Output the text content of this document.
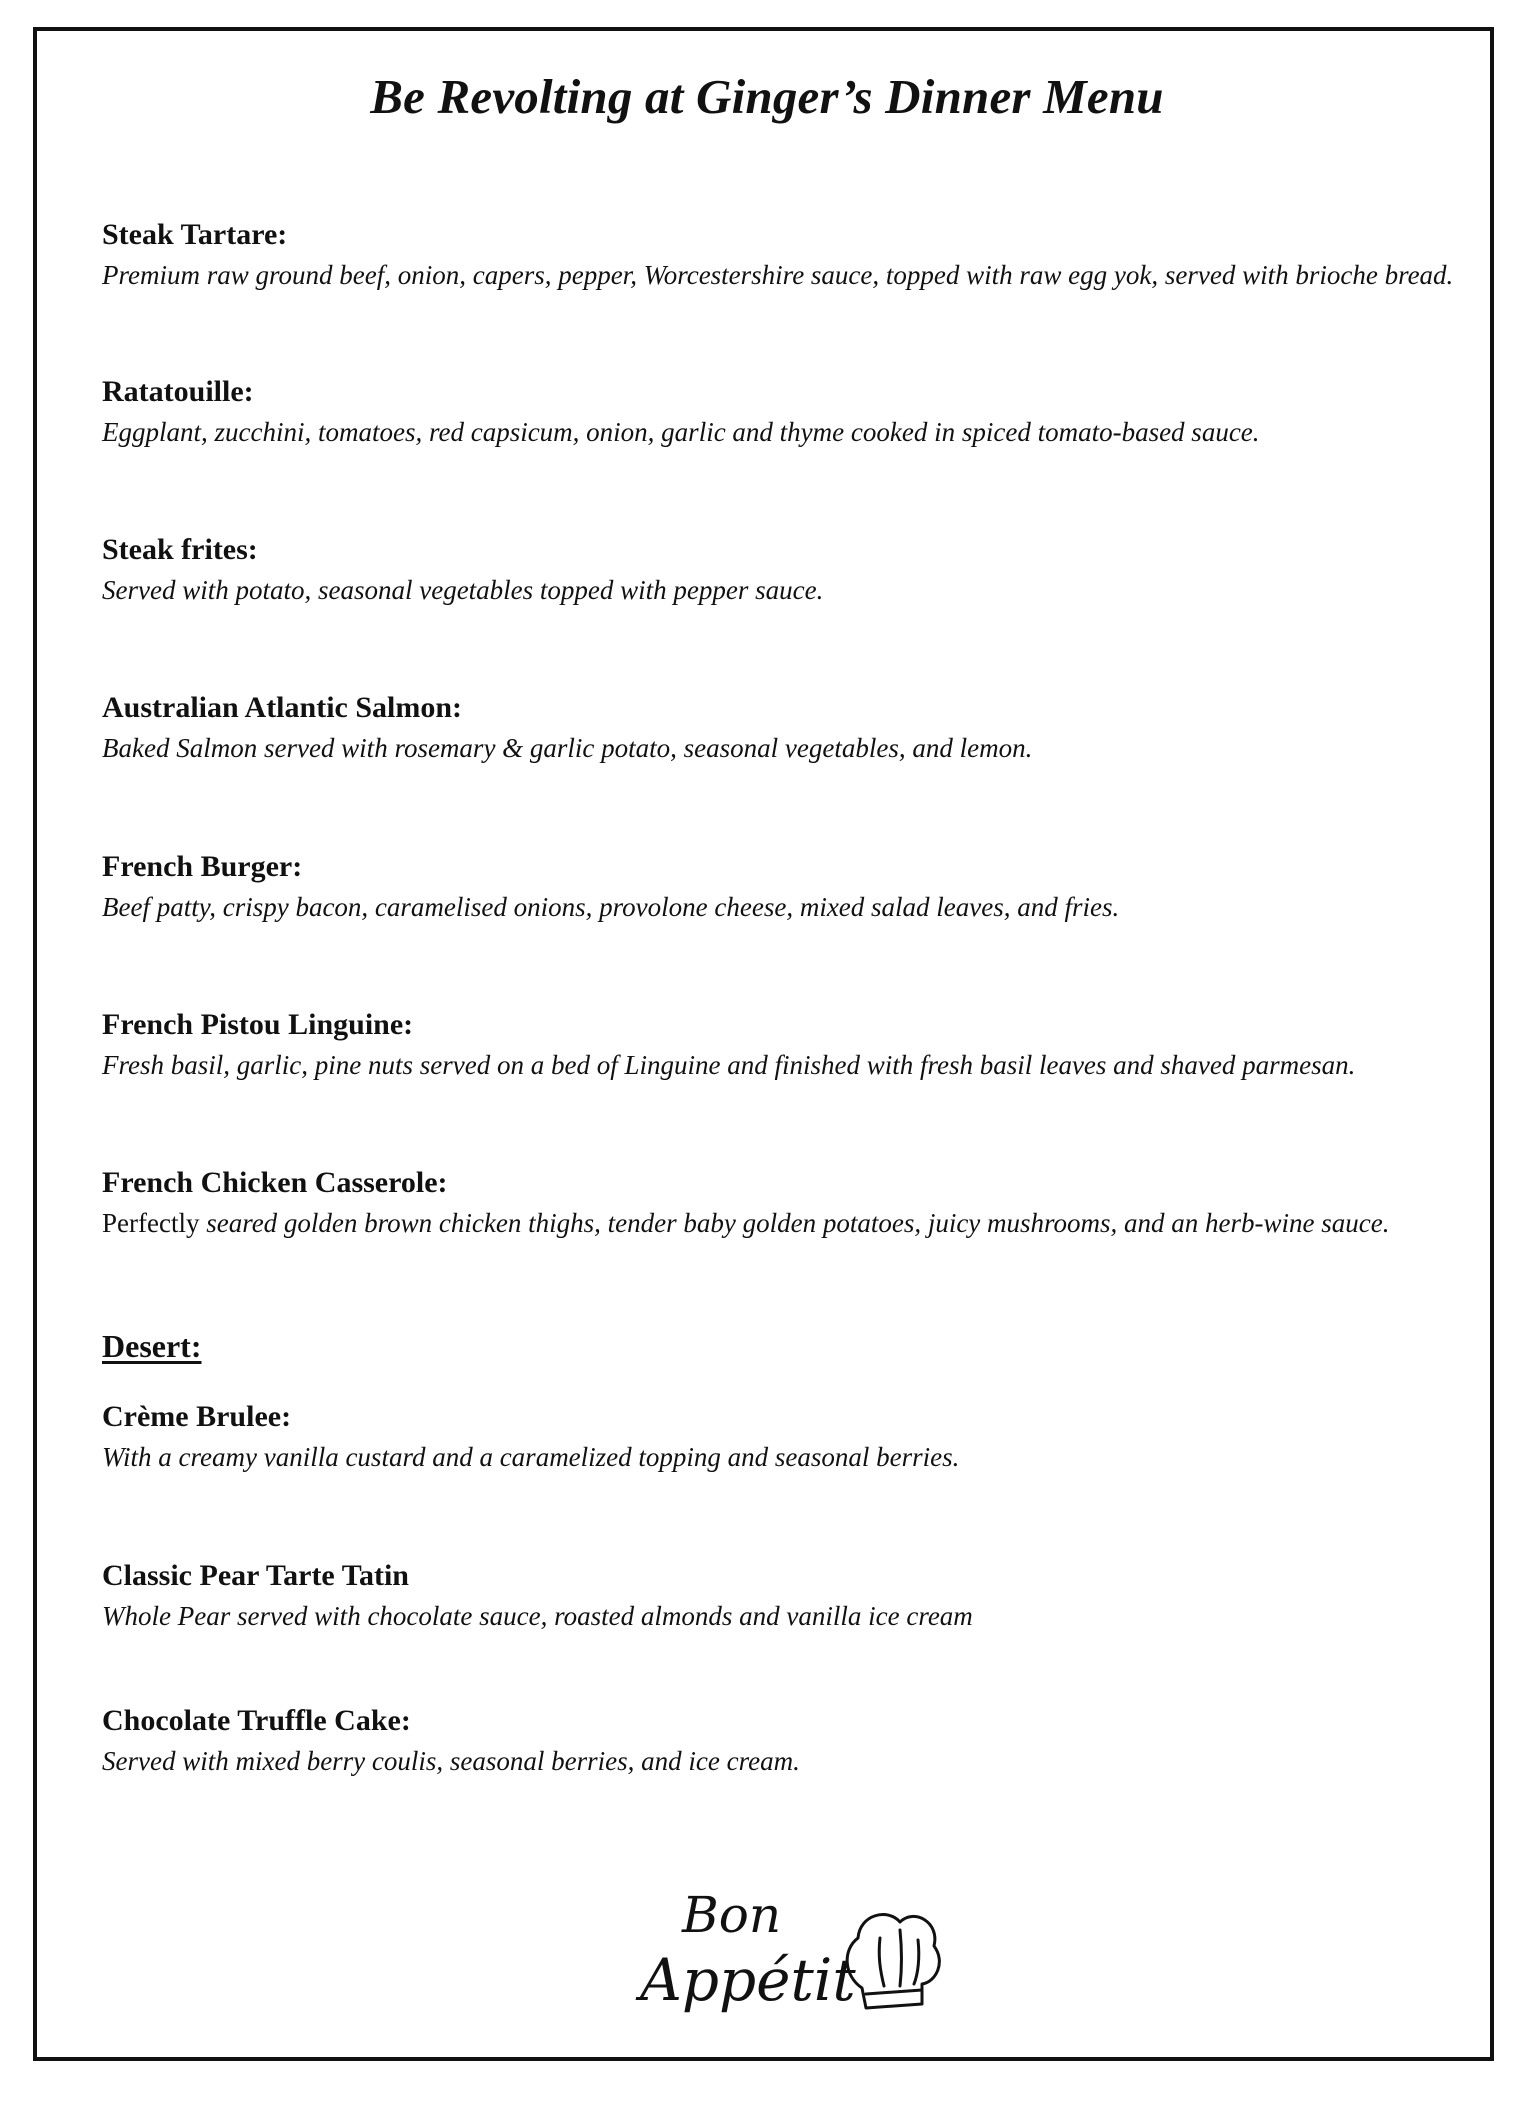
Be Revolting at Ginger’s Dinner Menu
Steak Tartare:
Premium raw ground beef, onion, capers, pepper, Worcestershire sauce, topped with raw egg yok, served with brioche bread.
Ratatouille:
Eggplant, zucchini, tomatoes, red capsicum, onion, garlic and thyme cooked in spiced tomato-based sauce.
Steak frites:
Served with potato, seasonal vegetables topped with pepper sauce.
Australian Atlantic Salmon:
Baked Salmon served with rosemary & garlic potato, seasonal vegetables, and lemon.
French Burger:
Beef patty, crispy bacon, caramelised onions, provolone cheese, mixed salad leaves, and fries.
French Pistou Linguine:
Fresh basil, garlic, pine nuts served on a bed of Linguine and finished with fresh basil leaves and shaved parmesan.
French Chicken Casserole:
Perfectly seared golden brown chicken thighs, tender baby golden potatoes, juicy mushrooms, and an herb-wine sauce.
Desert:
Crème Brulee:
With a creamy vanilla custard and a caramelized topping and seasonal berries.
Classic Pear Tarte Tatin
Whole Pear served with chocolate sauce, roasted almonds and vanilla ice cream
Chocolate Truffle Cake:
Served with mixed berry coulis, seasonal berries, and ice cream.
Bon
Appétit
